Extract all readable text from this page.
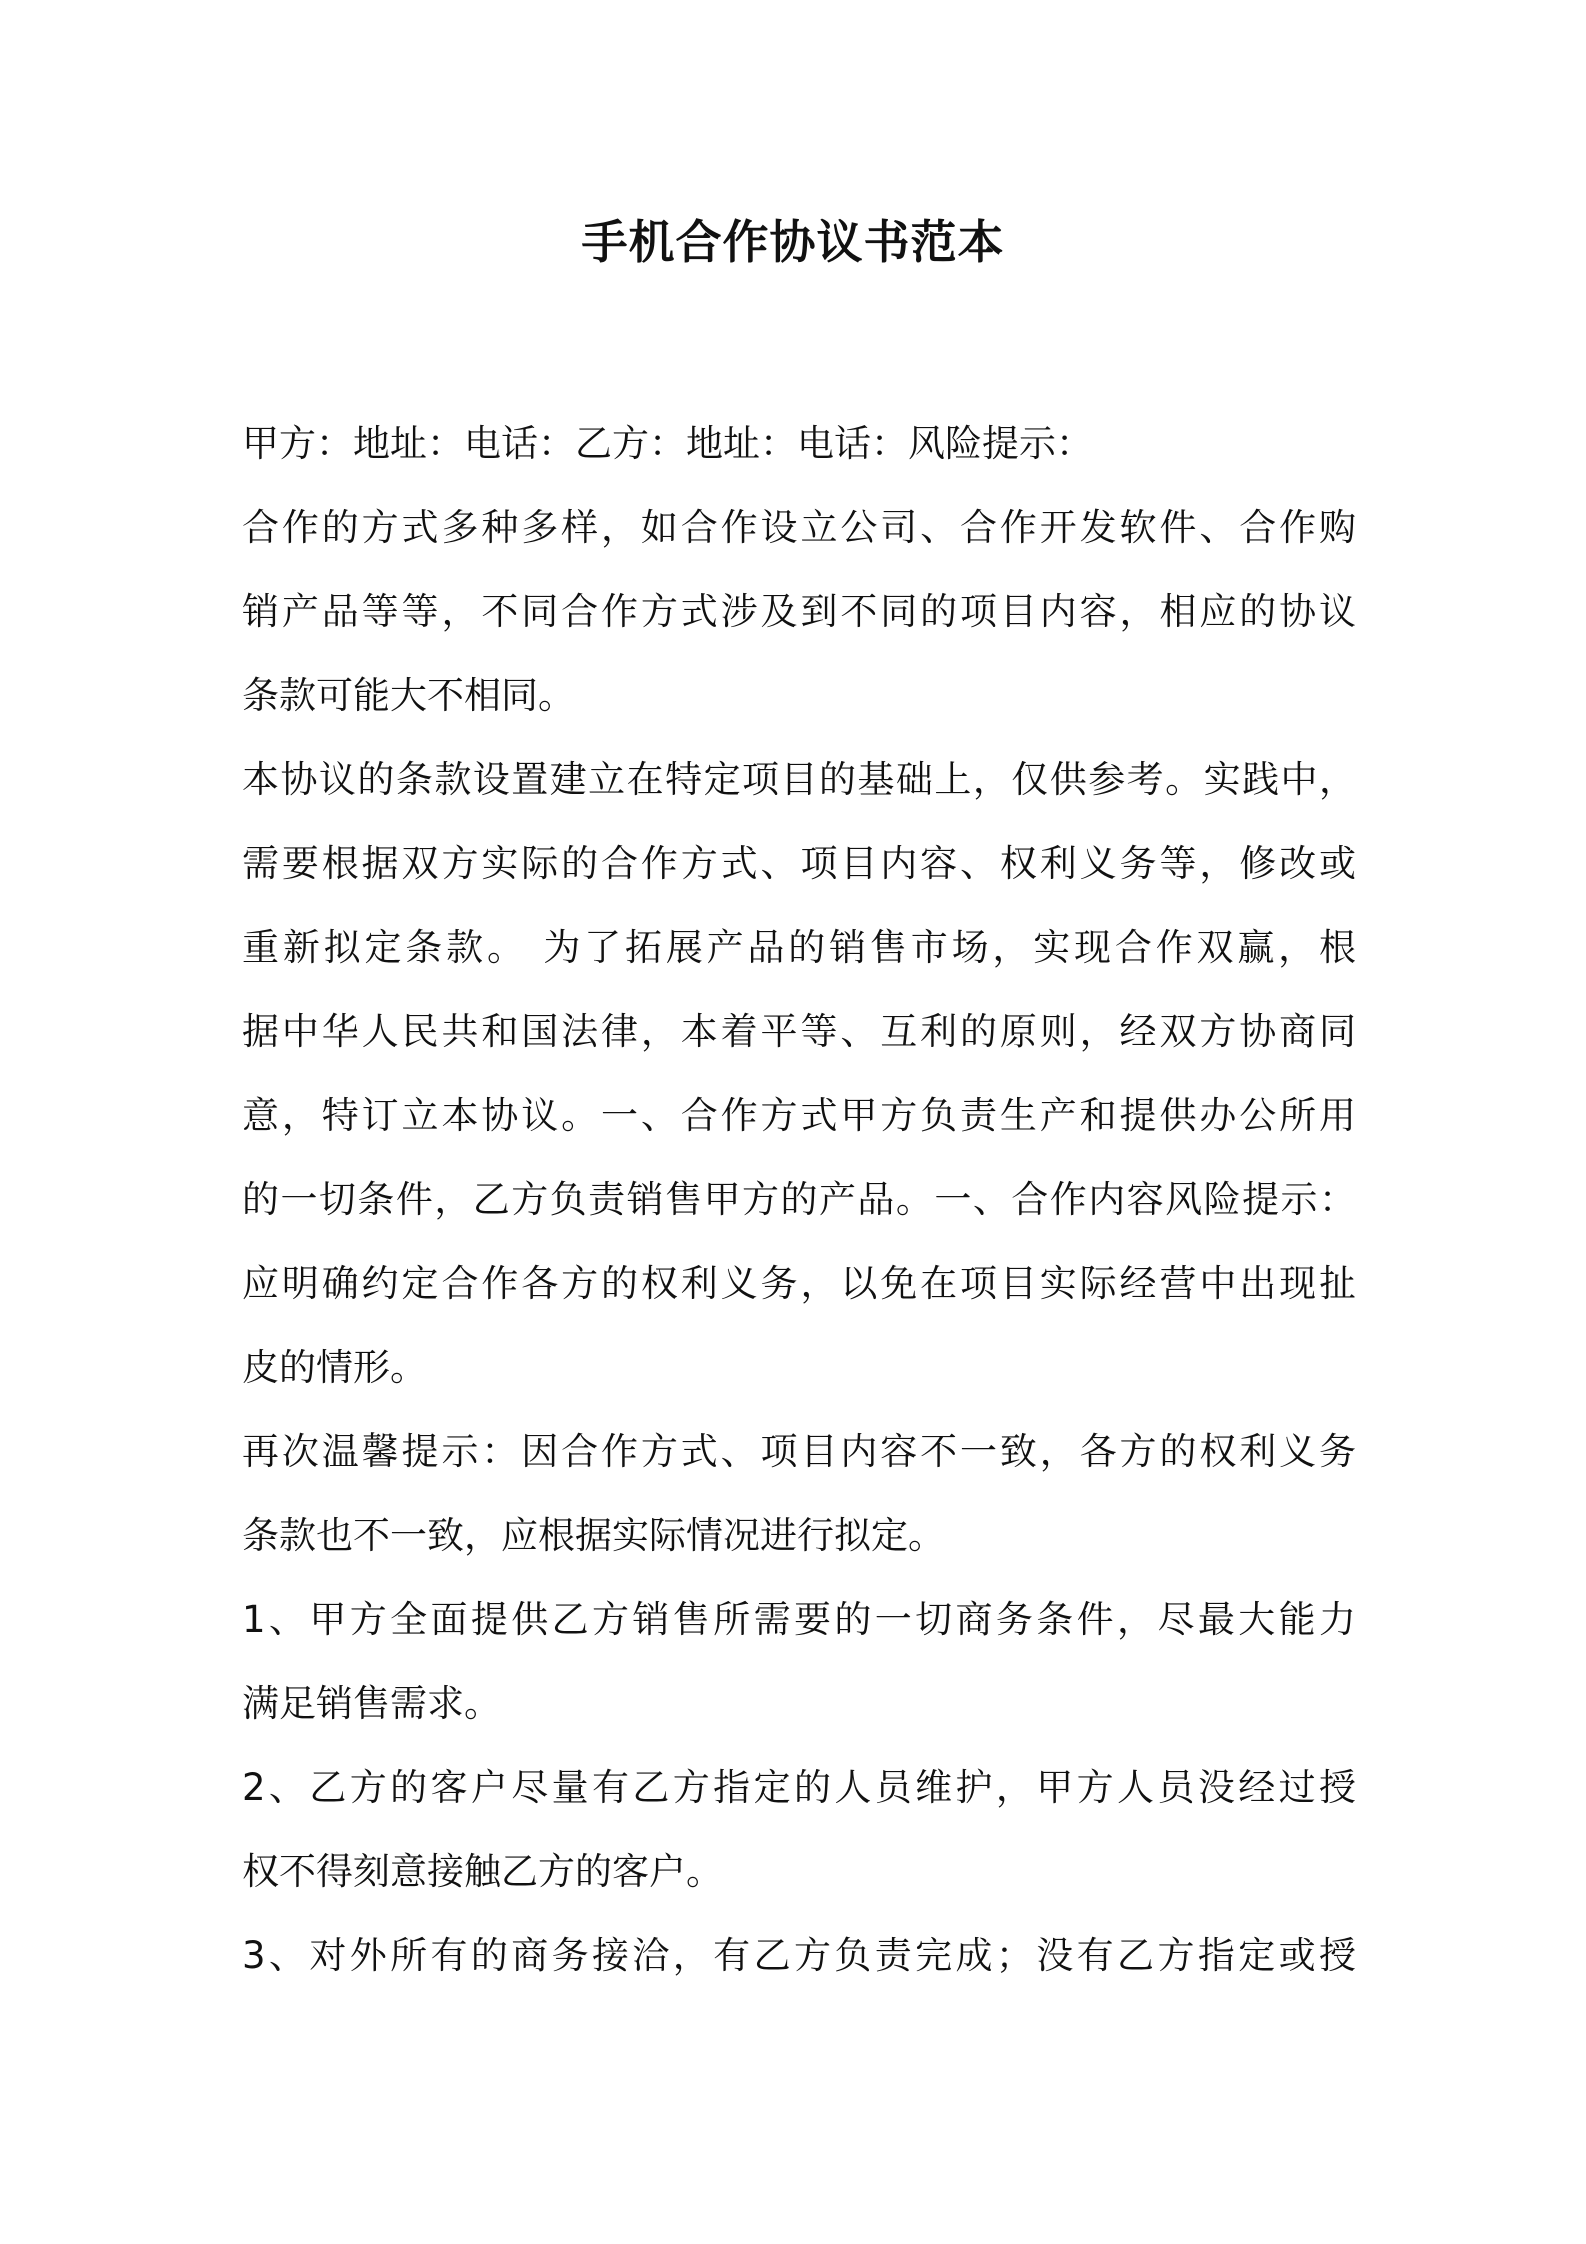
手机合作协议书范本

甲方：地址：电话：乙方：地址：电话：风险提示：

合作的方式多种多样，如合作设立公司、合作开发软件、合作购
销产品等等，不同合作方式涉及到不同的项目内容，相应的协议
条款可能大不相同。

本协议的条款设置建立在特定项目的基础上，仅供参考。实践中，
需要根据双方实际的合作方式、项目内容、权利义务等，修改或
重新拟定条款。 为了拓展产品的销售市场，实现合作双赢，根
据中华人民共和国法律，本着平等、互利的原则，经双方协商同
意，特订立本协议。一、合作方式甲方负责生产和提供办公所用
的一切条件，乙方负责销售甲方的产品。一、合作内容风险提示：
应明确约定合作各方的权利义务，以免在项目实际经营中出现扯
皮的情形。

再次温馨提示：因合作方式、项目内容不一致，各方的权利义务
条款也不一致，应根据实际情况进行拟定。

1、甲方全面提供乙方销售所需要的一切商务条件，尽最大能力
满足销售需求。

2、乙方的客户尽量有乙方指定的人员维护，甲方人员没经过授
权不得刻意接触乙方的客户。

3、对外所有的商务接洽，有乙方负责完成；没有乙方指定或授
